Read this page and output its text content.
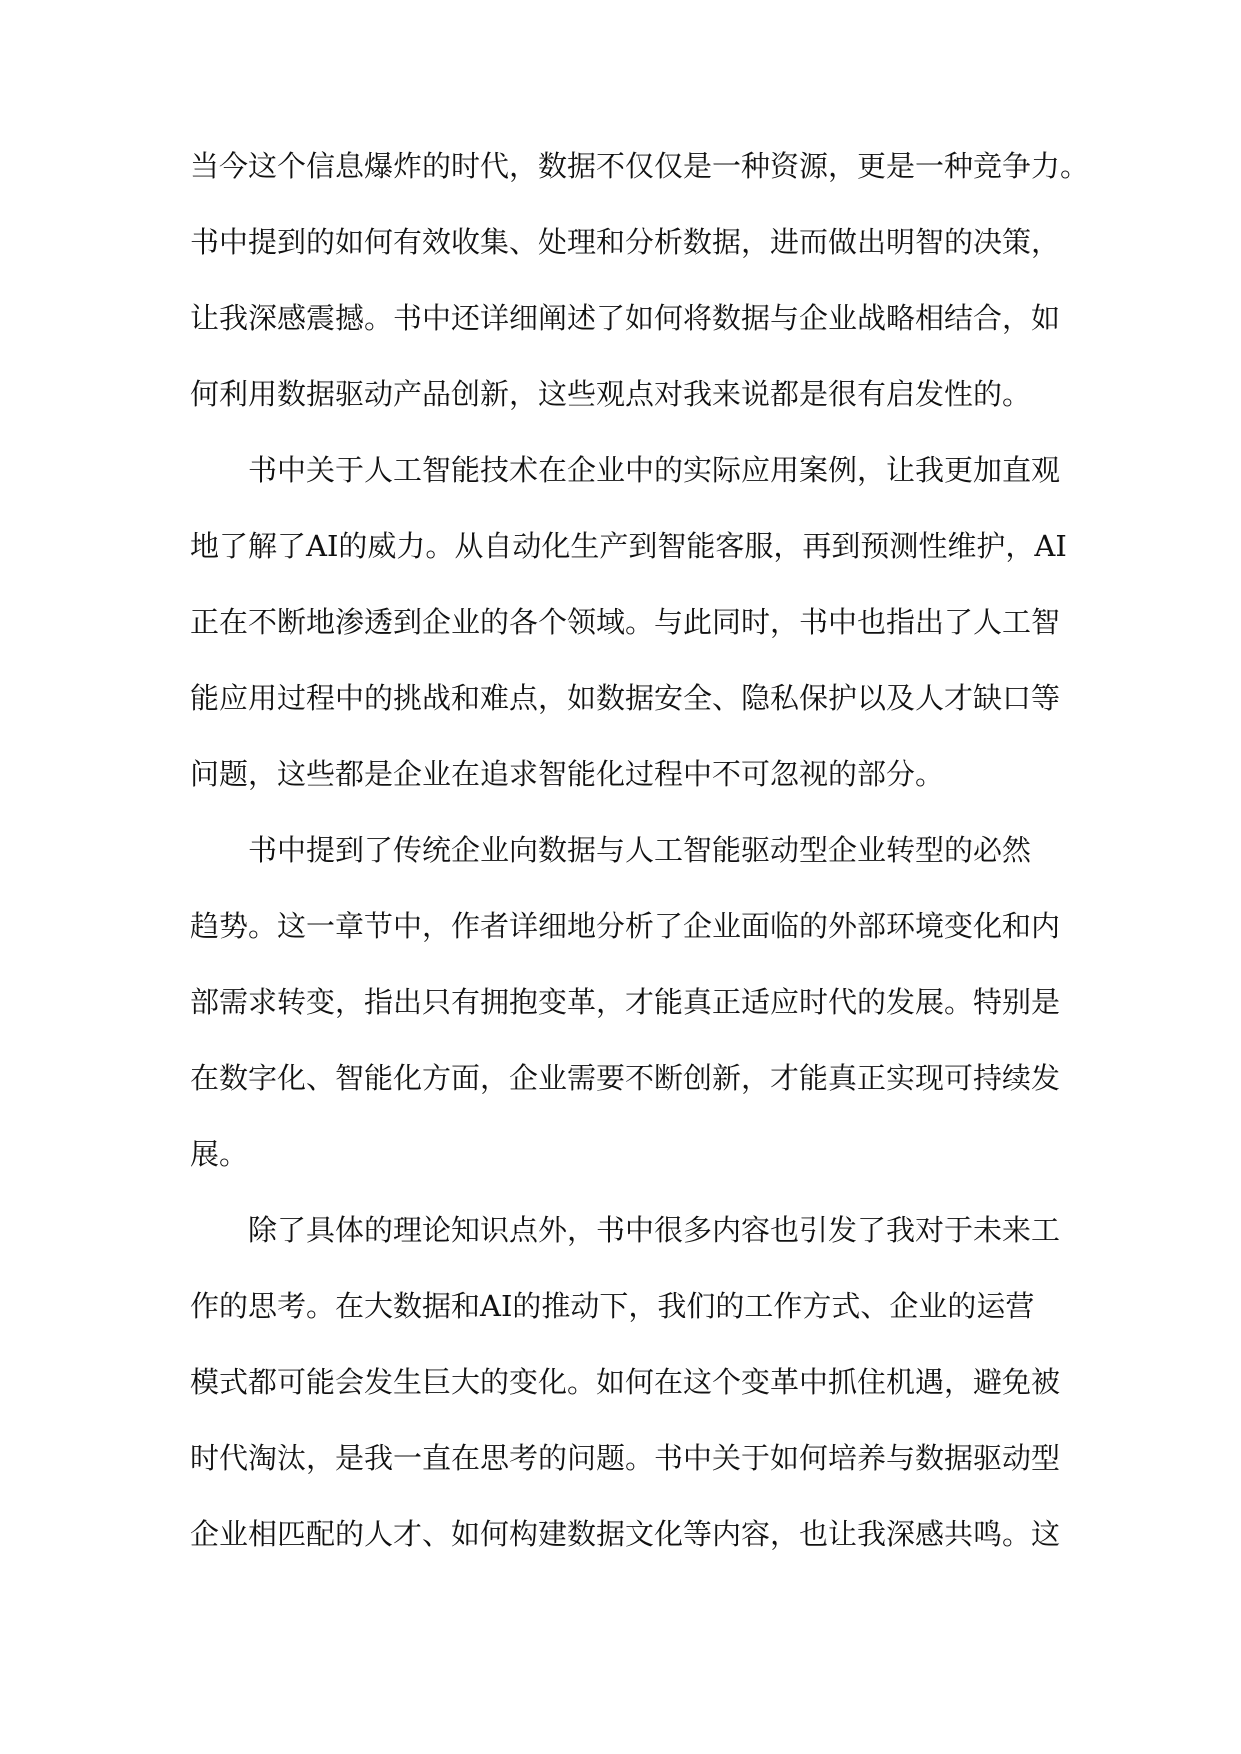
当今这个信息爆炸的时代，数据不仅仅是一种资源，更是一种竞争力。
书中提到的如何有效收集、处理和分析数据，进而做出明智的决策，
让我深感震撼。书中还详细阐述了如何将数据与企业战略相结合，如
何利用数据驱动产品创新，这些观点对我来说都是很有启发性的。
书中关于人工智能技术在企业中的实际应用案例，让我更加直观
地了解了AI的威力。从自动化生产到智能客服，再到预测性维护，AI
正在不断地渗透到企业的各个领域。与此同时，书中也指出了人工智
能应用过程中的挑战和难点，如数据安全、隐私保护以及人才缺口等
问题，这些都是企业在追求智能化过程中不可忽视的部分。
书中提到了传统企业向数据与人工智能驱动型企业转型的必然
趋势。这一章节中，作者详细地分析了企业面临的外部环境变化和内
部需求转变，指出只有拥抱变革，才能真正适应时代的发展。特别是
在数字化、智能化方面，企业需要不断创新，才能真正实现可持续发
展。
除了具体的理论知识点外，书中很多内容也引发了我对于未来工
作的思考。在大数据和AI的推动下，我们的工作方式、企业的运营
模式都可能会发生巨大的变化。如何在这个变革中抓住机遇，避免被
时代淘汰，是我一直在思考的问题。书中关于如何培养与数据驱动型
企业相匹配的人才、如何构建数据文化等内容，也让我深感共鸣。这
